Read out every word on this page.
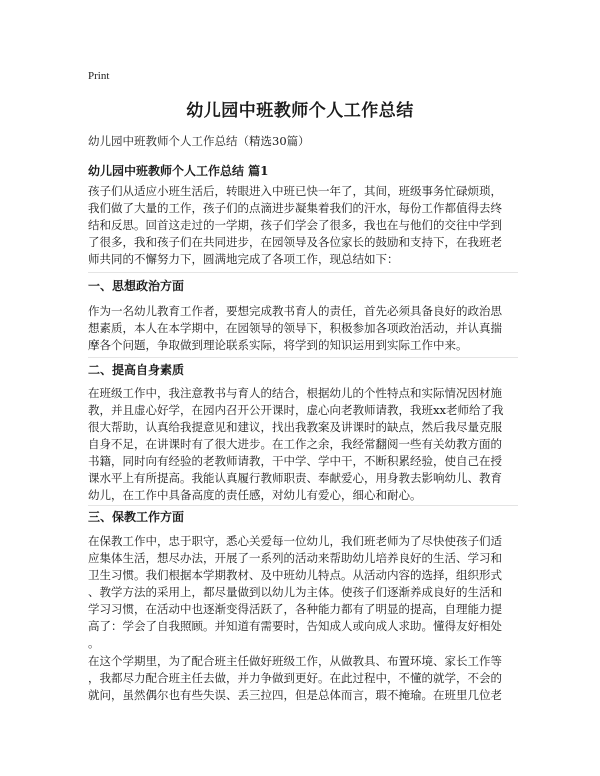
Print
幼儿园中班教师个人工作总结
幼儿园中班教师个人工作总结（精选30篇）
幼儿园中班教师个人工作总结 篇1

孩子们从适应小班生活后，转眼进入中班已快一年了，其间，班级事务忙碌烦琐，
我们做了大量的工作，孩子们的点滴进步凝集着我们的汗水，每份工作都值得去终
结和反思。回首这走过的一学期，孩子们学会了很多，我也在与他们的交往中学到
了很多，我和孩子们在共同进步，在园领导及各位家长的鼓励和支持下，在我班老
师共同的不懈努力下，圆满地完成了各项工作，现总结如下：

一、思想政治方面

作为一名幼儿教育工作者，要想完成教书育人的责任，首先必须具备良好的政治思
想素质，本人在本学期中，在园领导的领导下，积极参加各项政治活动，并认真揣
摩各个问题，争取做到理论联系实际，将学到的知识运用到实际工作中来。

二、提高自身素质

在班级工作中，我注意教书与育人的结合，根据幼儿的个性特点和实际情况因材施
教，并且虚心好学，在园内召开公开课时，虚心向老教师请教，我班xx老师给了我
很大帮助，认真给我提意见和建议，找出我教案及讲课时的缺点，然后我尽量克服
自身不足，在讲课时有了很大进步。在工作之余，我经常翻阅一些有关幼教方面的
书籍，同时向有经验的老教师请教，干中学、学中干，不断积累经验，使自己在授
课水平上有所提高。我能认真履行教师职责、奉献爱心，用身教去影响幼儿、教育
幼儿，在工作中具备高度的责任感，对幼儿有爱心，细心和耐心。

三、保教工作方面

在保教工作中，忠于职守，悉心关爱每一位幼儿，我们班老师为了尽快使孩子们适
应集体生活，想尽办法，开展了一系列的活动来帮助幼儿培养良好的生活、学习和
卫生习惯。我们根据本学期教材、及中班幼儿特点。从活动内容的选择，组织形式
、教学方法的采用上，都尽量做到以幼儿为主体。使孩子们逐渐养成良好的生活和
学习习惯，在活动中也逐渐变得活跃了，各种能力都有了明显的提高，自理能力提
高了：学会了自我照顾。并知道有需要时，告知成人或向成人求助。懂得友好相处
。

在这个学期里，为了配合班主任做好班级工作，从做教具、布置环境、家长工作等
，我都尽力配合班主任去做，并力争做到更好。在此过程中，不懂的就学，不会的
就问，虽然偶尔也有些失误、丢三拉四，但是总体而言，瑕不掩瑜。在班里几位老
